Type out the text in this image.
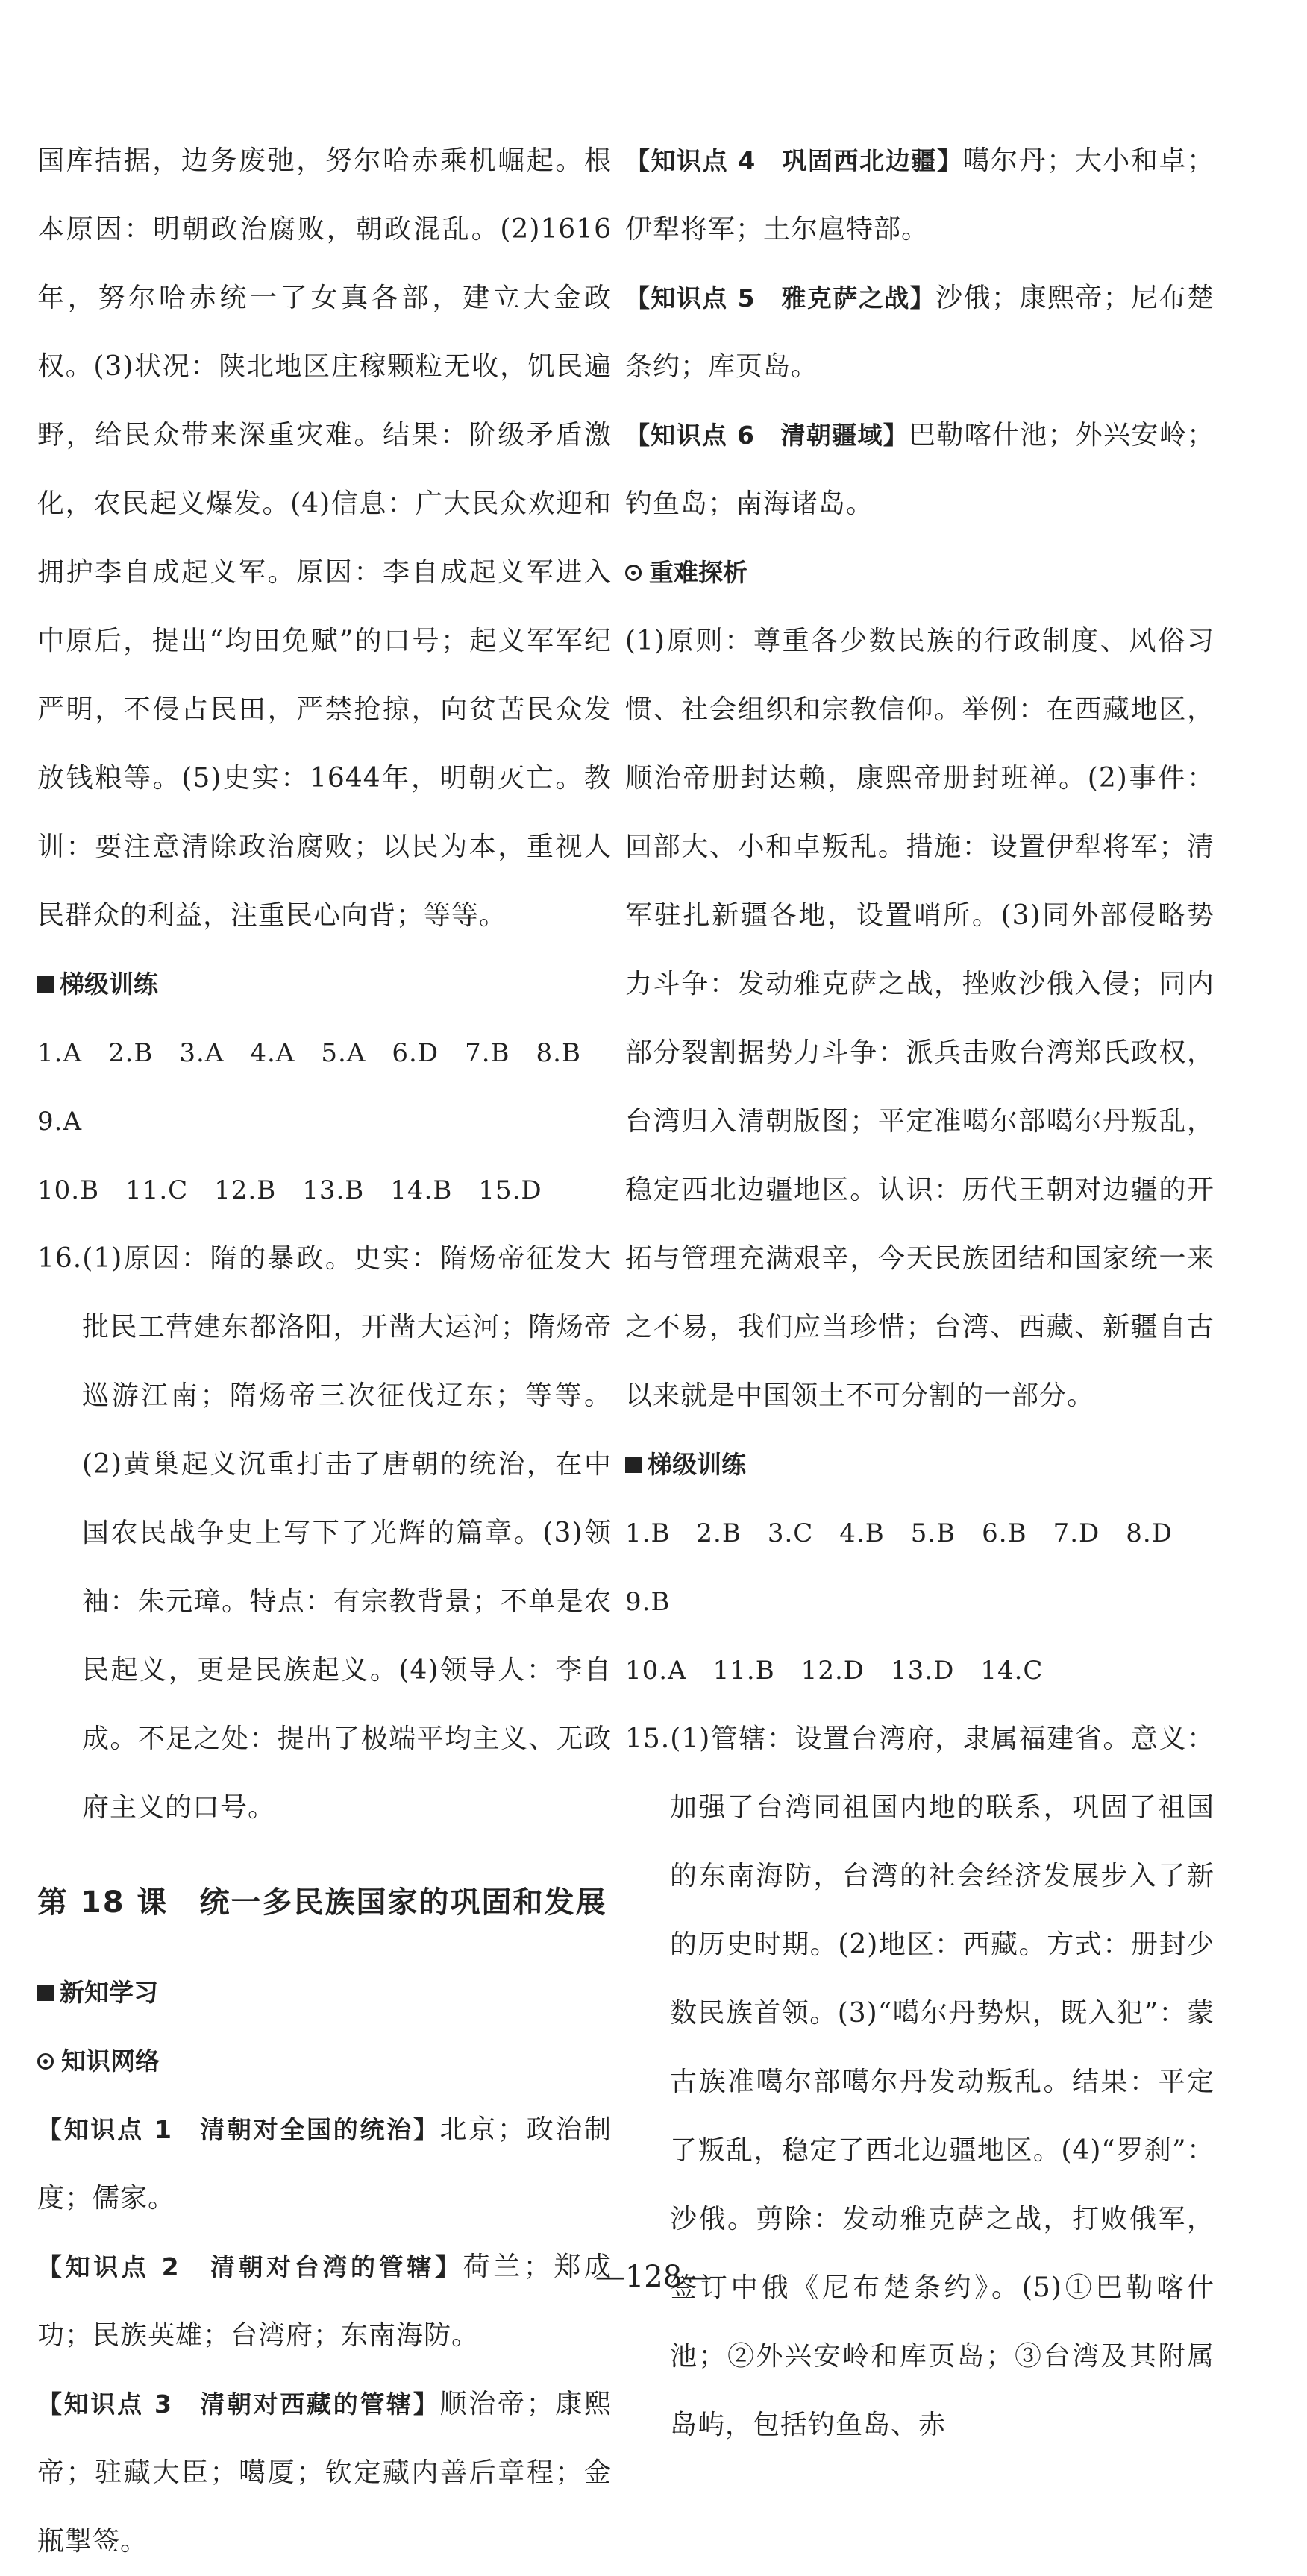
国库拮据，边务废弛，努尔哈赤乘机崛起。根本原因：明朝政治腐败，朝政混乱。(2)1616年，努尔哈赤统一了女真各部，建立大金政权。(3)状况：陕北地区庄稼颗粒无收，饥民遍野，给民众带来深重灾难。结果：阶级矛盾激化，农民起义爆发。(4)信息：广大民众欢迎和拥护李自成起义军。原因：李自成起义军进入中原后，提出“均田免赋”的口号；起义军军纪严明，不侵占民田，严禁抢掠，向贫苦民众发放钱粮等。(5)史实：1644年，明朝灭亡。教训：要注意清除政治腐败；以民为本，重视人民群众的利益，注重民心向背；等等。

梯级训练

1.A　2.B　3.A　4.A　5.A　6.D　7.B　8.B　9.A

10.B　11.C　12.B　13.B　14.B　15.D

16.(1)原因：隋的暴政。史实：隋炀帝征发大批民工营建东都洛阳，开凿大运河；隋炀帝巡游江南；隋炀帝三次征伐辽东；等等。(2)黄巢起义沉重打击了唐朝的统治，在中国农民战争史上写下了光辉的篇章。(3)领袖：朱元璋。特点：有宗教背景；不单是农民起义，更是民族起义。(4)领导人：李自成。不足之处：提出了极端平均主义、无政府主义的口号。

第 18 课　统一多民族国家的巩固和发展
新知学习
知识网络

【知识点 1　清朝对全国的统治】北京；政治制度；儒家。

【知识点 2　清朝对台湾的管辖】荷兰；郑成功；民族英雄；台湾府；东南海防。

【知识点 3　清朝对西藏的管辖】顺治帝；康熙帝；驻藏大臣；噶厦；钦定藏内善后章程；金瓶掣签。

【知识点 4　巩固西北边疆】噶尔丹；大小和卓；伊犁将军；土尔扈特部。

【知识点 5　雅克萨之战】沙俄；康熙帝；尼布楚条约；库页岛。

【知识点 6　清朝疆域】巴勒喀什池；外兴安岭；钓鱼岛；南海诸岛。

重难探析

(1)原则：尊重各少数民族的行政制度、风俗习惯、社会组织和宗教信仰。举例：在西藏地区，顺治帝册封达赖，康熙帝册封班禅。(2)事件：回部大、小和卓叛乱。措施：设置伊犁将军；清军驻扎新疆各地，设置哨所。(3)同外部侵略势力斗争：发动雅克萨之战，挫败沙俄入侵；同内部分裂割据势力斗争：派兵击败台湾郑氏政权，台湾归入清朝版图；平定准噶尔部噶尔丹叛乱，稳定西北边疆地区。认识：历代王朝对边疆的开拓与管理充满艰辛，今天民族团结和国家统一来之不易，我们应当珍惜；台湾、西藏、新疆自古以来就是中国领土不可分割的一部分。

梯级训练

1.B　2.B　3.C　4.B　5.B　6.B　7.D　8.D　9.B

10.A　11.B　12.D　13.D　14.C

15.(1)管辖：设置台湾府，隶属福建省。意义：加强了台湾同祖国内地的联系，巩固了祖国的东南海防，台湾的社会经济发展步入了新的历史时期。(2)地区：西藏。方式：册封少数民族首领。(3)“噶尔丹势炽，既入犯”：蒙古族准噶尔部噶尔丹发动叛乱。结果：平定了叛乱，稳定了西北边疆地区。(4)“罗刹”：沙俄。剪除：发动雅克萨之战，打败俄军，签订中俄《尼布楚条约》。(5)①巴勒喀什池；②外兴安岭和库页岛；③台湾及其附属岛屿，包括钓鱼岛、赤

—128—
